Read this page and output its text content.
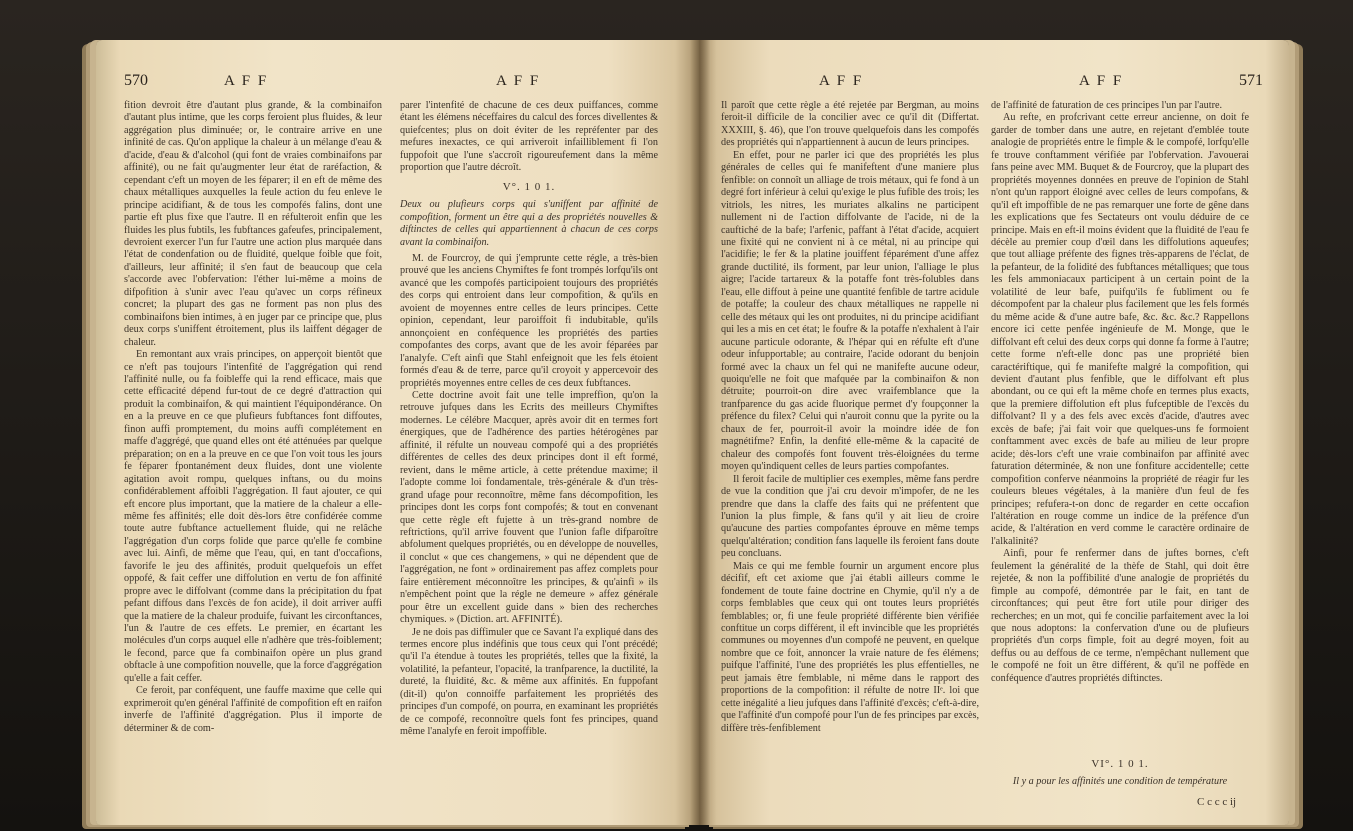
570	A F F	A F F

fition devroit être d'autant plus grande, & la combinaifon d'autant plus intime, que les corps feroient plus fluides, & leur aggrégation plus diminuée; or, le contraire arrive en une infinité de cas. Qu'on applique la chaleur à un mélange d'eau & d'acide, d'eau & d'alcohol (qui font de vraies combinaifons par affinité), ou ne fait qu'augmenter leur état de raréfaction, & cependant c'eft un moyen de les féparer; il en eft de même des chaux métalliques auxquelles la feule action du feu enleve le principe acidifiant, & de tous les compofés falins, dont une partie eft plus fixe que l'autre. Il en réfulteroit enfin que les fluides les plus fubtils, les fubftances gafeufes, principalement, devroient exercer l'un fur l'autre une action plus marquée dans l'état de condenfation ou de fluidité, quelque foible que foit, d'ailleurs, leur affinité; il s'en faut de beaucoup que cela s'accorde avec l'obfervation: l'éther lui-même a moins de difpofition à s'unir avec l'eau qu'avec un corps réfineux concret; la plupart des gas ne forment pas non plus des combinaifons bien intimes, à en juger par ce principe que, plus deux corps s'uniffent étroitement, plus ils laiffent dégager de chaleur.

En remontant aux vrais principes, on apperçoit bientôt que ce n'eft pas toujours l'intenfité de l'aggrégation qui rend l'affinité nulle, ou fa foibleffe qui la rend efficace, mais que cette efficacité dépend fur-tout de ce degré d'attraction qui produit la combinaifon, & qui maintient l'équipondérance. On en a la preuve en ce que plufieurs fubftances font diffoutes, finon auffi promptement, du moins auffi complétement en maffe d'aggrégé, que quand elles ont été atténuées par quelque préparation; on en a la preuve en ce que l'on voit tous les jours fe féparer fpontanément deux fluides, dont une violente agitation avoit rompu, quelques inftans, ou du moins confidérablement affoibli l'aggrégation. Il faut ajouter, ce qui eft encore plus important, que la matiere de la chaleur a elle-même fes affinités; elle doit dès-lors être confidérée comme toute autre fubftance actuellement fluide, qui ne relâche l'aggrégation d'un corps folide que parce qu'elle fe combine avec lui. Ainfi, de même que l'eau, qui, en tant d'occafions, favorife le jeu des affinités, produit quelquefois un effet oppofé, & fait ceffer une diffolution en vertu de fon affinité propre avec le diffolvant (comme dans la précipitation du fpat pefant diffous dans l'excès de fon acide), il doit arriver auffi que la matiere de la chaleur produife, fuivant les circonftances, l'un & l'autre de ces effets. Le premier, en écartant les molécules d'un corps auquel elle n'adhère que très-foiblement; le fecond, parce que fa combinaifon opère un plus grand obftacle à une compofition nouvelle, que la force d'aggrégation qu'elle a fait ceffer.

Ce feroit, par conféquent, une fauffe maxime que celle qui exprimeroit qu'en général l'affinité de compofition eft en raifon inverfe de l'affinité d'aggrégation. Plus il importe de déterminer & de com-

parer l'intenfité de chacune de ces deux puiffances, comme étant les élémens néceffaires du calcul des forces divellentes & quiefcentes; plus on doit éviter de les repréfenter par des mefures inexactes, ce qui arriveroit infailliblement fi l'on fuppofoit que l'une s'accroît rigoureufement dans la même proportion que l'autre décroît.

V°. 1 0 1.

Deux ou plufieurs corps qui s'uniffent par affinité de compofition, forment un être qui a des propriétés nouvelles & diftinctes de celles qui appartiennent à chacun de ces corps avant la combinaifon.

M. de Fourcroy, de qui j'emprunte cette régle, a très-bien prouvé que les anciens Chymiftes fe font trompés lorfqu'ils ont avancé que les compofés participoient toujours des propriétés des corps qui entroient dans leur compofition, & qu'ils en avoient de moyennes entre celles de leurs principes. Cette opinion, cependant, leur paroiffoit fi indubitable, qu'ils annonçoient en conféquence les propriétés des parties compofantes des corps, avant que de les avoir féparées par l'analyfe. C'eft ainfi que Stahl enfeignoit que les fels étoient formés d'eau & de terre, parce qu'il croyoit y appercevoir des propriétés moyennes entre celles de ces deux fubftances.

Cette doctrine avoit fait une telle impreffion, qu'on la retrouve jufques dans les Ecrits des meilleurs Chymiftes modernes. Le célébre Macquer, après avoir dit en termes fort énergiques, que de l'adhérence des parties hétérogènes par affinité, il réfulte un nouveau compofé qui a des propriétés différentes de celles des deux principes dont il eft formé, revient, dans le même article, à cette prétendue maxime; il l'adopte comme loi fondamentale, très-générale & d'un très-grand ufage pour reconnoître, même fans décompofition, les principes dont les corps font compofés; & tout en convenant que cette règle eft fujette à un très-grand nombre de reftrictions, qu'il arrive fouvent que l'union fafle difparoître abfolument quelques propriétés, ou en développe de nouvelles, il conclut « que ces changemens, » qui ne dépendent que de l'aggrégation, ne font » ordinairement pas affez complets pour faire entièrement méconnoître les principes, & qu'ainfi » ils n'empêchent point que la régle ne demeure » affez générale pour être un excellent guide dans » bien des recherches chymiques. » (Diction. art. AFFINITÉ).

Je ne dois pas diffimuler que ce Savant l'a expliqué dans des termes encore plus indéfinis que tous ceux qui l'ont précédé; qu'il l'a étendue à toutes les propriétés, telles que la fixité, la volatilité, la pefanteur, l'opacité, la tranfparence, la ductilité, la dureté, la fluidité, &c. & même aux affinités. En fuppofant (dit-il) qu'on connoiffe parfaitement les propriétés des principes d'un compofé, on pourra, en examinant les propriétés de ce compofé, reconnoître quels font fes principes, quand même l'analyfe en feroit impoffible.

A F F	A F F	571

Il paroît que cette règle a été rejetée par Bergman, au moins feroit-il difficile de la concilier avec ce qu'il dit (Differtat. XXXIII, §. 46), que l'on trouve quelquefois dans les compofés des propriétés qui n'appartiennent à aucun de leurs principes.

En effet, pour ne parler ici que des propriétés les plus générales de celles qui fe manifeftent d'une maniere plus fenfible: on connoît un alliage de trois métaux, qui fe fond à un degré fort inférieur à celui qu'exige le plus fufible des trois; les vitriols, les nitres, les muriates alkalins ne participent nullement ni de l'action diffolvante de l'acide, ni de la cauftiché de la bafe; l'arfenic, paffant à l'état d'acide, acquiert une fixité qui ne convient ni à ce métal, ni au principe qui l'acidifie; le fer & la platine jouiffent féparément d'une affez grande ductilité, ils forment, par leur union, l'alliage le plus aigre; l'acide tartareux & la potaffe font très-folubles dans l'eau, elle diffout à peine une quantité fenfible de tartre acidule de potaffe; la couleur des chaux métalliques ne rappelle ni celle des métaux qui les ont produites, ni du principe acidifiant qui les a mis en cet état; le foufre & la potaffe n'exhalent à l'air aucune particule odorante, & l'hépar qui en réfulte eft d'une odeur infupportable; au contraire, l'acide odorant du benjoin formé avec la chaux un fel qui ne manifefte aucune odeur, quoiqu'elle ne foit que mafquée par la combinaifon & non détruite; pourroit-on dire avec vraifemblance que la tranfparence du gas acide fluorique permet d'y foupçonner la préfence du filex? Celui qui n'auroit connu que la pyrite ou la chaux de fer, pourroit-il avoir la moindre idée de fon magnétifme? Enfin, la denfité elle-même & la capacité de chaleur des compofés font fouvent très-éloignées du terme moyen qu'indiquent celles de leurs parties compofantes.

Il feroit facile de multiplier ces exemples, même fans perdre de vue la condition que j'ai cru devoir m'impofer, de ne les prendre que dans la claffe des faits qui ne préfentent que l'union la plus fimple, & fans qu'il y ait lieu de croire qu'aucune des parties compofantes éprouve en même temps quelqu'altération; condition fans laquelle ils feroient fans doute peu concluans.

Mais ce qui me femble fournir un argument encore plus décifif, eft cet axiome que j'ai établi ailleurs comme le fondement de toute faine doctrine en Chymie, qu'il n'y a de corps femblables que ceux qui ont toutes leurs propriétés femblables; or, fi une feule propriété différente bien vérifiée conftitue un corps différent, il eft invincible que les propriétés communes ou moyennes d'un compofé ne peuvent, en quelque nombre que ce foit, annoncer la vraie nature de fes élémens; puifque l'affinité, l'une des propriétés les plus effentielles, ne peut jamais être femblable, ni même dans le rapport des proportions de la compofition: il réfulte de notre IIᵉ. loi que cette inégalité a lieu jufques dans l'affinité d'excès; c'eft-à-dire, que l'affinité d'un compofé pour l'un de fes principes par excès, diffère très-fenfiblement

de l'affinité de faturation de ces principes l'un par l'autre.

Au refte, en profcrivant cette erreur ancienne, on doit fe garder de tomber dans une autre, en rejetant d'emblée toute analogie de propriétés entre le fimple & le compofé, lorfqu'elle fe trouve conftamment vérifiée par l'obfervation. J'avouerai fans peine avec MM. Buquet & de Fourcroy, que la plupart des propriétés moyennes données en preuve de l'opinion de Stahl n'ont qu'un rapport éloigné avec celles de leurs compofans, & qu'il eft impoffible de ne pas remarquer une forte de gêne dans les explications que fes Sectateurs ont voulu déduire de ce principe. Mais en eft-il moins évident que la fluidité de l'eau fe décèle au premier coup d'œil dans les diffolutions aqueufes; que tout alliage préfente des fignes très-apparens de l'éclat, de la pefanteur, de la folidité des fubftances métalliques; que tous les fels ammoniacaux participent à un certain point de la volatilité de leur bafe, puifqu'ils fe fubliment ou fe décompofent par la chaleur plus facilement que les fels formés du même acide & d'une autre bafe, &c. &c. &c.? Rappellons encore ici cette penfée ingénieufe de M. Monge, que le diffolvant eft celui des deux corps qui donne fa forme à l'autre; cette forme n'eft-elle donc pas une propriété bien caractériftique, qui fe manifefte malgré la compofition, qui devient d'autant plus fenfible, que le diffolvant eft plus abondant, ou ce qui eft la même chofe en termes plus exacts, que la premiere diffolution eft plus fufceptible de l'excès du diffolvant? Il y a des fels avec excès d'acide, d'autres avec excès de bafe; j'ai fait voir que quelques-uns fe formoient conftamment avec excès de bafe au milieu de leur propre acide; dès-lors c'eft une vraie combinaifon par affinité avec faturation déterminée, & non une fonfiture accidentelle; cette compofition conferve néanmoins la propriété de réagir fur les couleurs bleues végétales, à la manière d'un feul de fes principes; refufera-t-on donc de regarder en cette occafion l'altération en rouge comme un indice de la préfence d'un acide, & l'altération en verd comme le caractère ordinaire de l'alkalinité?

Ainfi, pour fe renfermer dans de juftes bornes, c'eft feulement la généralité de la thèfe de Stahl, qui doit être rejetée, & non la poffibilité d'une analogie de propriétés du fimple au compofé, démontrée par le fait, en tant de circonftances; qui peut être fort utile pour diriger des recherches; en un mot, qui fe concilie parfaitement avec la loi que nous adoptons: la confervation d'une ou de plufieurs propriétés d'un corps fimple, foit au degré moyen, foit au deffus ou au deffous de ce terme, n'empêchant nullement que le compofé ne foit un être différent, & qu'il ne poffède en conféquence d'autres propriétés diftinctes.

VI°. 1 0 1.

Il y a pour les affinités une condition de température

C c c c ij
